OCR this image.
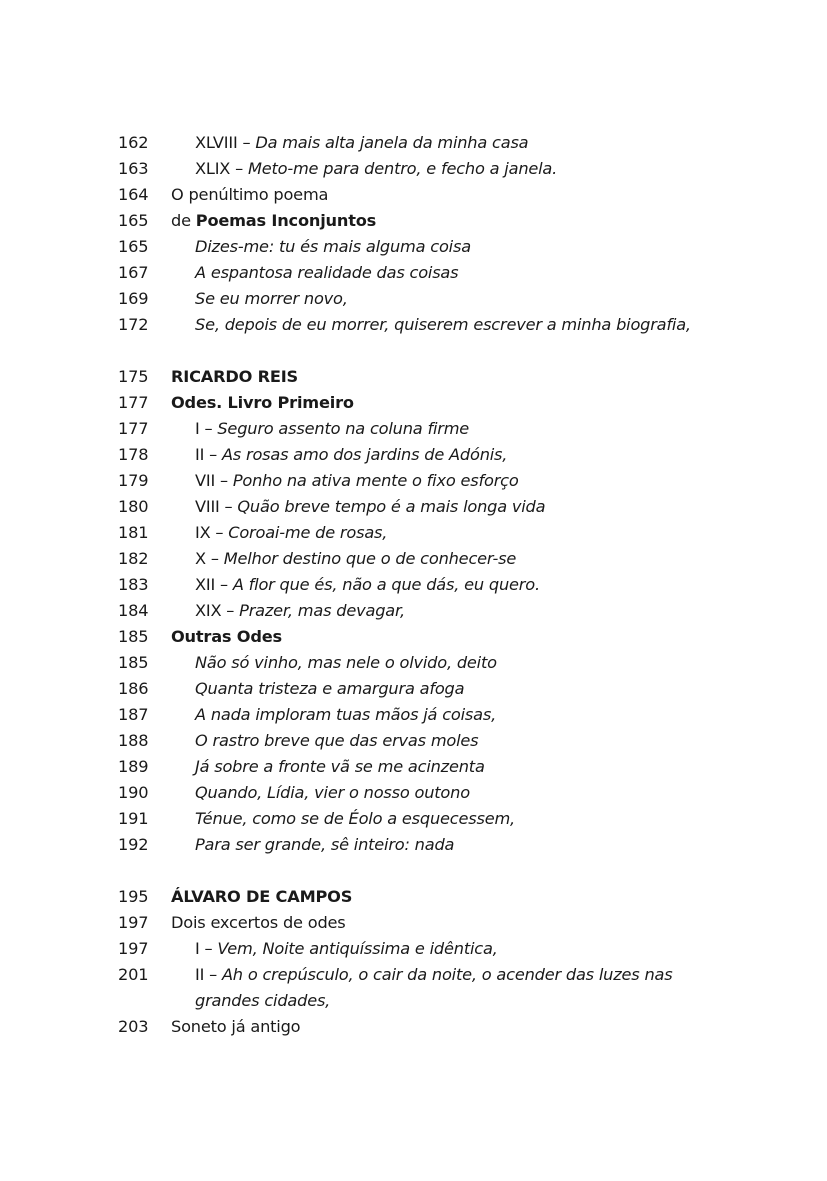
162	XLVIII – Da mais alta janela da minha casa
163	XLIX – Meto-me para dentro, e fecho a janela.
164	O penúltimo poema
165	de Poemas Inconjuntos
165	Dizes-me: tu és mais alguma coisa
167	A espantosa realidade das coisas
169	Se eu morrer novo,
172	Se, depois de eu morrer, quiserem escrever a minha biografia,
175	RICARDO REIS
177	Odes. Livro Primeiro
177	I – Seguro assento na coluna firme
178	II – As rosas amo dos jardins de Adónis,
179	VII – Ponho na ativa mente o fixo esforço
180	VIII – Quão breve tempo é a mais longa vida
181	IX – Coroai-me de rosas,
182	X – Melhor destino que o de conhecer-se
183	XII – A flor que és, não a que dás, eu quero.
184	XIX – Prazer, mas devagar,
185	Outras Odes
185	Não só vinho, mas nele o olvido, deito
186	Quanta tristeza e amargura afoga
187	A nada imploram tuas mãos já coisas,
188	O rastro breve que das ervas moles
189	Já sobre a fronte vã se me acinzenta
190	Quando, Lídia, vier o nosso outono
191	Ténue, como se de Éolo a esquecessem,
192	Para ser grande, sê inteiro: nada
195	ÁLVARO DE CAMPOS
197	Dois excertos de odes
197	I – Vem, Noite antiquíssima e idêntica,
201	II – Ah o crepúsculo, o cair da noite, o acender das luzes nas grandes cidades,
203	Soneto já antigo
